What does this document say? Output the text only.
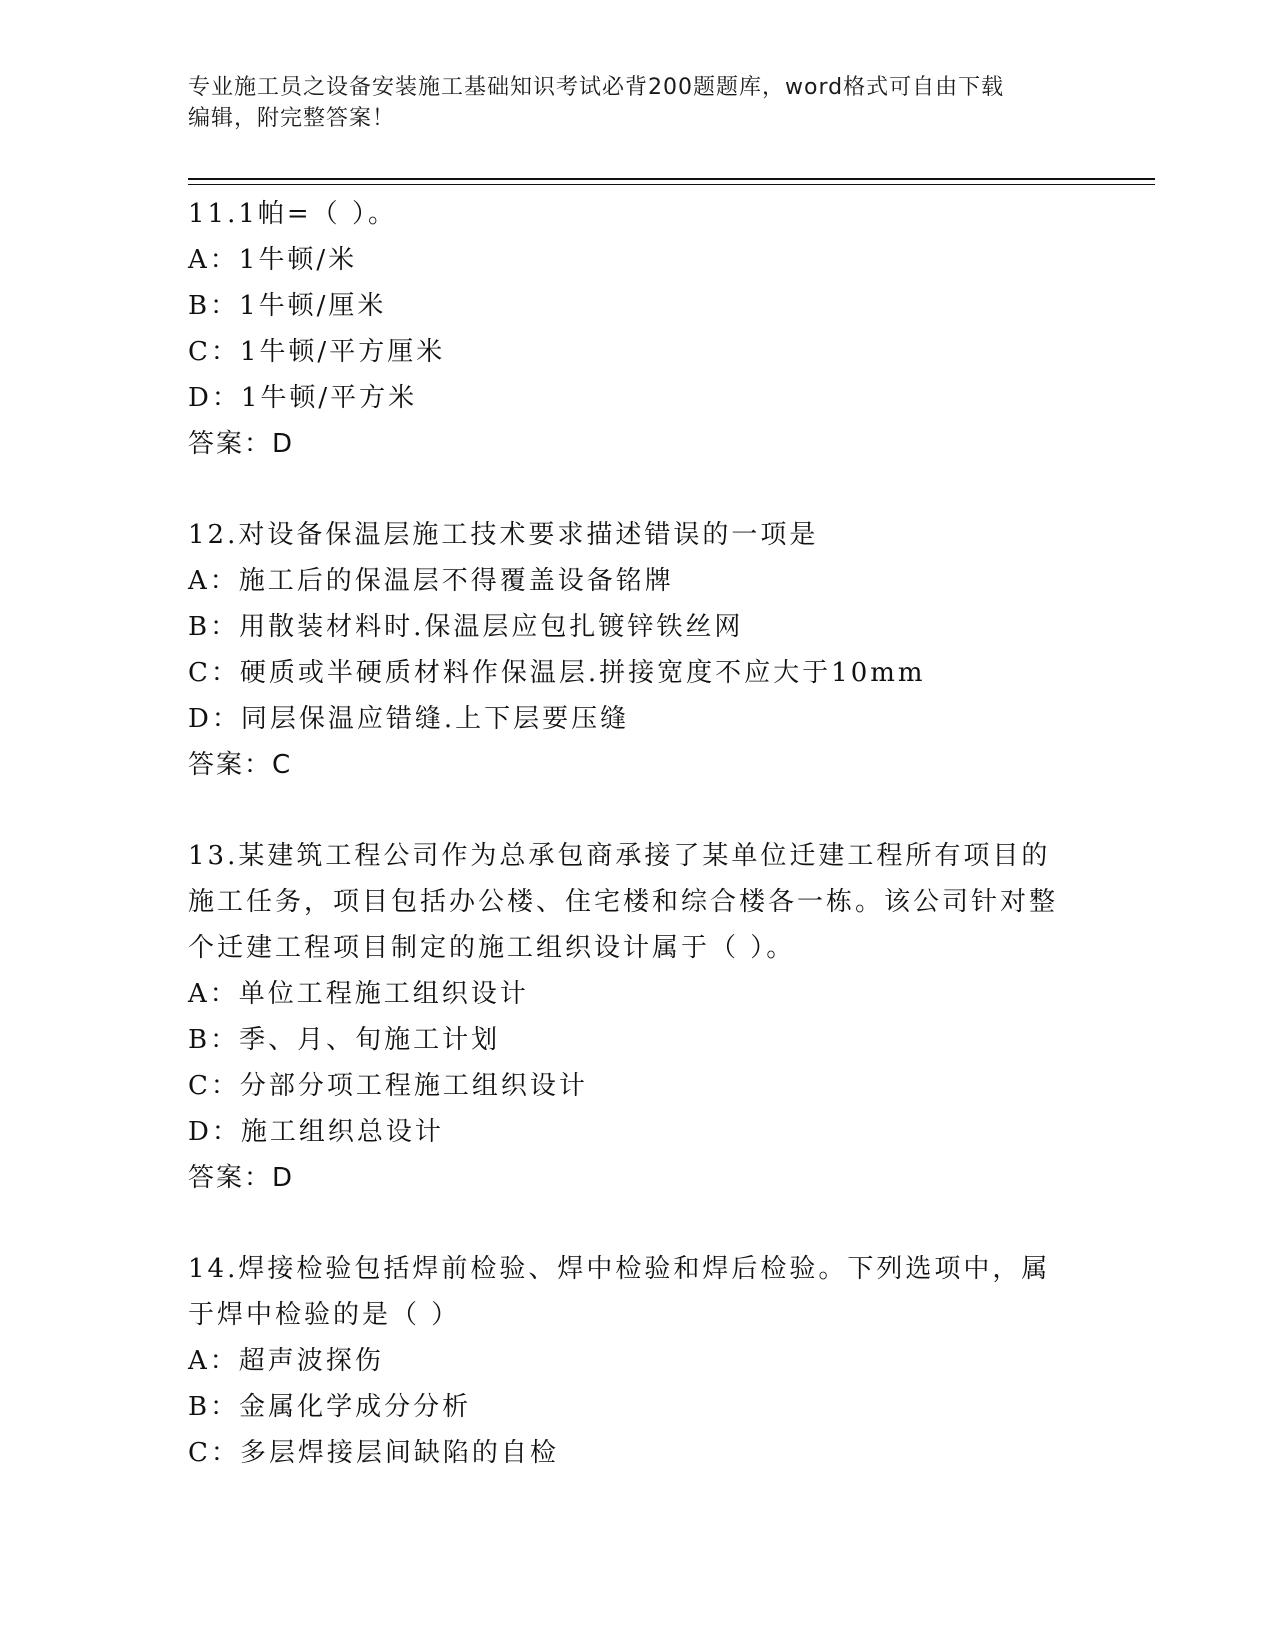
专业施工员之设备安装施工基础知识考试必背200题题库，word格式可自由下载
编辑，附完整答案！
11.1帕=（ ）。
A：1牛顿/米
B：1牛顿/厘米
C：1牛顿/平方厘米
D：1牛顿/平方米
答案：D
12.对设备保温层施工技术要求描述错误的一项是
A：施工后的保温层不得覆盖设备铭牌
B：用散装材料时.保温层应包扎镀锌铁丝网
C：硬质或半硬质材料作保温层.拼接宽度不应大于10mm
D：同层保温应错缝.上下层要压缝
答案：C
13.某建筑工程公司作为总承包商承接了某单位迁建工程所有项目的施工任务，项目包括办公楼、住宅楼和综合楼各一栋。该公司针对整个迁建工程项目制定的施工组织设计属于（ ）。
A：单位工程施工组织设计
B：季、月、旬施工计划
C：分部分项工程施工组织设计
D：施工组织总设计
答案：D
14.焊接检验包括焊前检验、焊中检验和焊后检验。下列选项中，属于焊中检验的是（ ）
A：超声波探伤
B：金属化学成分分析
C：多层焊接层间缺陷的自检
